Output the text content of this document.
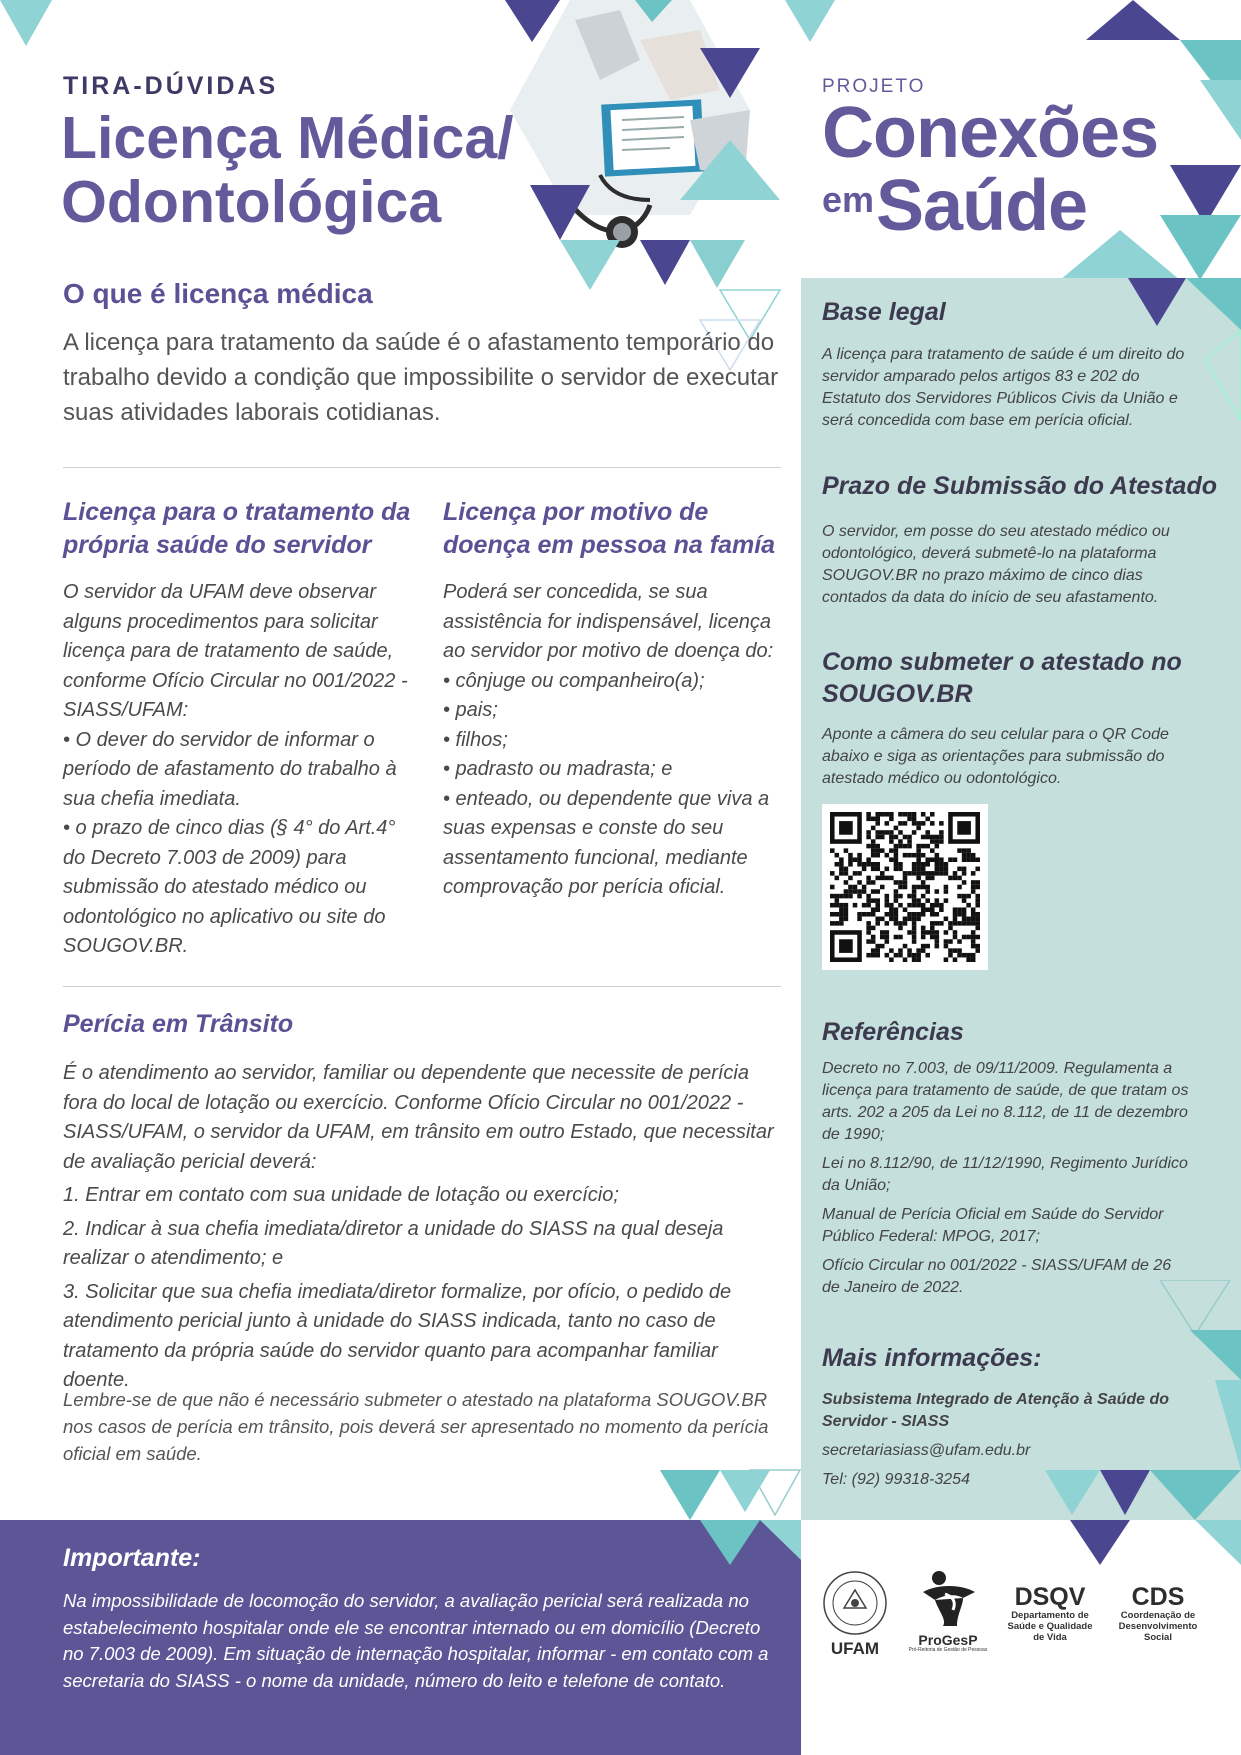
TIRA-DÚVIDAS
Licença Médica/
Odontológica
PROJETO
Conexões
$^{em}$Saúde
O que é licença médica
A licença para tratamento da saúde é o afastamento temporário do trabalho devido a condição que impossibilite o servidor de executar suas atividades laborais cotidianas.
Licença para o tratamento da própria saúde do servidor

O servidor da UFAM deve observar alguns procedimentos para solicitar licença para de tratamento de saúde, conforme Ofício Circular no 001/2022 - SIASS/UFAM:

• O dever do servidor de informar o período de afastamento do trabalho à sua chefia imediata.

• o prazo de cinco dias (§ 4° do Art.4° do Decreto 7.003 de 2009) para submissão do atestado médico ou odontológico no aplicativo ou site do SOUGOV.BR.

Licença por motivo de doença em pessoa na famía

Poderá ser concedida, se sua assistência for indispensável, licença ao servidor por motivo de doença do:

• cônjuge ou companheiro(a);

• pais;

• filhos;

• padrasto ou madrasta; e

• enteado, ou dependente que viva a suas expensas e conste do seu assentamento funcional, mediante comprovação por perícia oficial.

Perícia em Trânsito

É o atendimento ao servidor, familiar ou dependente que necessite de perícia fora do local de lotação ou exercício. Conforme Ofício Circular no 001/2022 - SIASS/UFAM, o servidor da UFAM, em trânsito em outro Estado, que necessitar de avaliação pericial deverá:

1. Entrar em contato com sua unidade de lotação ou exercício;

2. Indicar à sua chefia imediata/diretor a unidade do SIASS na qual deseja realizar o atendimento; e

3. Solicitar que sua chefia imediata/diretor formalize, por ofício, o pedido de atendimento pericial junto à unidade do SIASS indicada, tanto no caso de tratamento da própria saúde do servidor quanto para acompanhar familiar doente.

Lembre-se de que não é necessário submeter o atestado na plataforma SOUGOV.BR nos casos de perícia em trânsito, pois deverá ser apresentado no momento da perícia oficial em saúde.
Base legal
A licença para tratamento de saúde é um direito do servidor amparado pelos artigos 83 e 202 do Estatuto dos Servidores Públicos Civis da União e será concedida com base em perícia oficial.
Prazo de Submissão do Atestado
O servidor, em posse do seu atestado médico ou odontológico, deverá submetê-lo na plataforma SOUGOV.BR no prazo máximo de cinco dias contados da data do início de seu afastamento.
Como submeter o atestado no SOUGOV.BR
Aponte a câmera do seu celular para o QR Code abaixo e siga as orientações para submissão do atestado médico ou odontológico.
Referências

Decreto no 7.003, de 09/11/2009. Regulamenta a licença para tratamento de saúde, de que tratam os arts. 202 a 205 da Lei no 8.112, de 11 de dezembro de 1990;

Lei no 8.112/90, de 11/12/1990, Regimento Jurídico da União;

Manual de Perícia Oficial em Saúde do Servidor Público Federal: MPOG, 2017;

Ofício Circular no 001/2022 - SIASS/UFAM de 26 de Janeiro de 2022.

Mais informações:

Subsistema Integrado de Atenção à Saúde do Servidor - SIASS

secretariasiass@ufam.edu.br

Tel: (92) 99318-3254

Importante:
Na impossibilidade de locomoção do servidor, a avaliação pericial será realizada no estabelecimento hospitalar onde ele se encontrar internado ou em domicílio (Decreto no 7.003 de 2009). Em situação de internação hospitalar, informar - em contato com a secretaria do SIASS - o nome da unidade, número do leito e telefone de contato.
UFAM	ProGesP
Pró-Reitoria de Gestão de Pessoas
DSQV
Departamento de Saúde e Qualidade de Vida
CDS
Coordenação de Desenvolvimento Social
